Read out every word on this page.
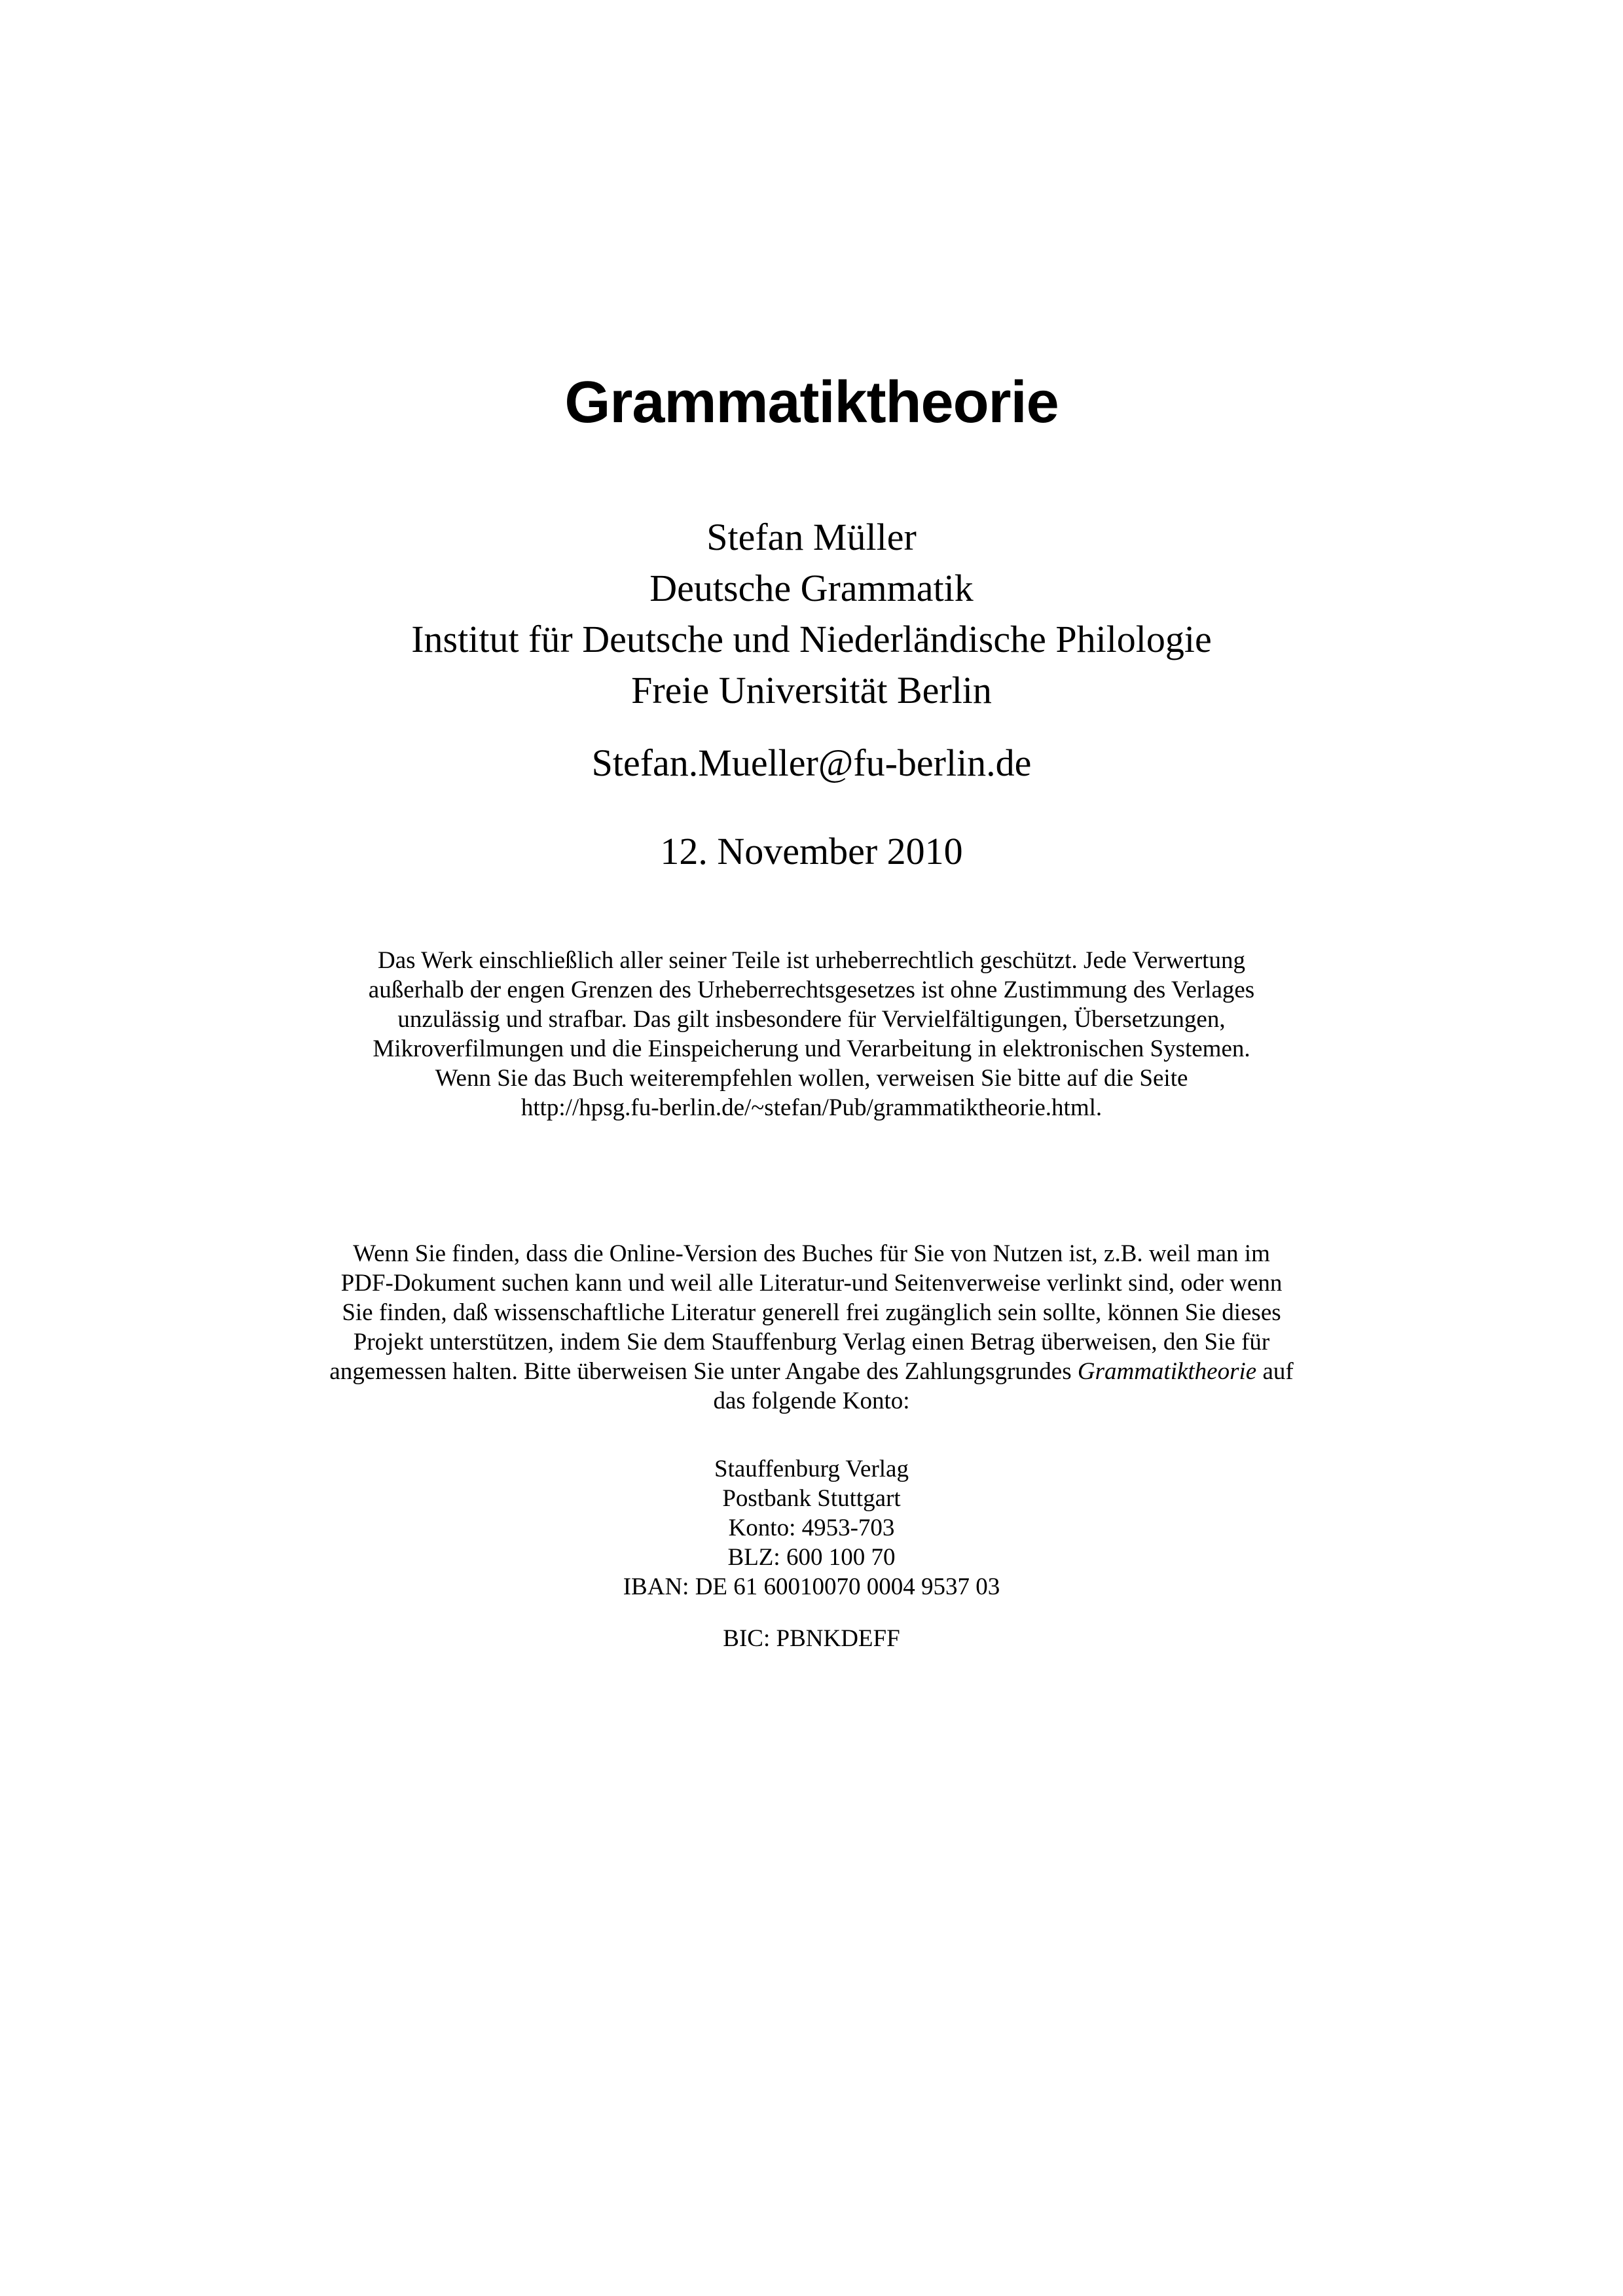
Grammatiktheorie
Stefan Müller
Deutsche Grammatik
Institut für Deutsche und Niederländische Philologie
Freie Universität Berlin
Stefan.Mueller@fu-berlin.de
12. November 2010
Das Werk einschließlich aller seiner Teile ist urheberrechtlich geschützt. Jede Verwertung
außerhalb der engen Grenzen des Urheberrechtsgesetzes ist ohne Zustimmung des Verlages
unzulässig und strafbar. Das gilt insbesondere für Vervielfältigungen, Übersetzungen,
Mikroverfilmungen und die Einspeicherung und Verarbeitung in elektronischen Systemen.
Wenn Sie das Buch weiterempfehlen wollen, verweisen Sie bitte auf die Seite
http://hpsg.fu-berlin.de/~stefan/Pub/grammatiktheorie.html.
Wenn Sie finden, dass die Online-Version des Buches für Sie von Nutzen ist, z.B. weil man im
PDF-Dokument suchen kann und weil alle Literatur-und Seitenverweise verlinkt sind, oder wenn
Sie finden, daß wissenschaftliche Literatur generell frei zugänglich sein sollte, können Sie dieses
Projekt unterstützen, indem Sie dem Stauffenburg Verlag einen Betrag überweisen, den Sie für
angemessen halten. Bitte überweisen Sie unter Angabe des Zahlungsgrundes Grammatiktheorie auf
das folgende Konto:
Stauffenburg Verlag
Postbank Stuttgart
Konto: 4953-703
BLZ: 600 100 70
IBAN: DE 61 60010070 0004 9537 03
BIC: PBNKDEFF
